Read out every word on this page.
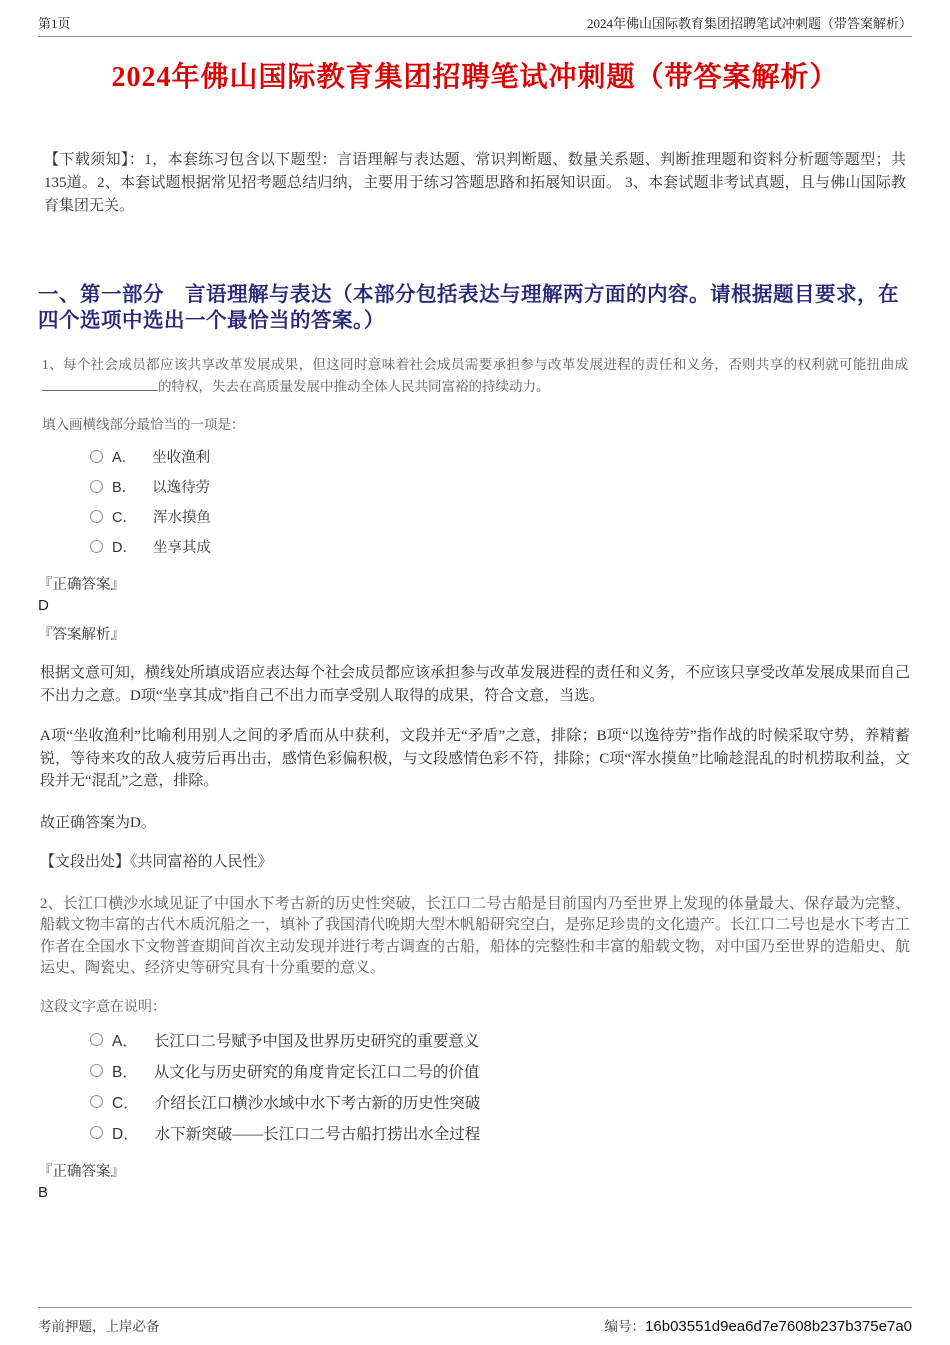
第1页	2024年佛山国际教育集团招聘笔试冲刺题（带答案解析）
2024年佛山国际教育集团招聘笔试冲刺题（带答案解析）

【下载须知】：1，本套练习包含以下题型：言语理解与表达题、常识判断题、数量关系题、判断推理题和资料分析题等题型；共135道。2、本套试题根据常见招考题总结归纳，主要用于练习答题思路和拓展知识面。 3、本套试题非考试真题，且与佛山国际教育集团无关。

一、第一部分　言语理解与表达（本部分包括表达与理解两方面的内容。请根据题目要求，在四个选项中选出一个最恰当的答案。）

1、每个社会成员都应该共享改革发展成果，但这同时意味着社会成员需要承担参与改革发展进程的责任和义务，否则共享的权利就可能扭曲成的特权，失去在高质量发展中推动全体人民共同富裕的持续动力。

填入画横线部分最恰当的一项是：

A． 坐收渔利
B． 以逸待劳
C． 浑水摸鱼
D． 坐享其成

『正确答案』

D

『答案解析』

根据文意可知，横线处所填成语应表达每个社会成员都应该承担参与改革发展进程的责任和义务，不应该只享受改革发展成果而自己不出力之意。D项“坐享其成”指自己不出力而享受别人取得的成果，符合文意，当选。

A项“坐收渔利”比喻利用别人之间的矛盾而从中获利，文段并无“矛盾”之意，排除；B项“以逸待劳”指作战的时候采取守势，养精蓄锐，等待来攻的敌人疲劳后再出击，感情色彩偏积极，与文段感情色彩不符，排除；C项“浑水摸鱼”比喻趁混乱的时机捞取利益，文段并无“混乱”之意，排除。

故正确答案为D。

【文段出处】《共同富裕的人民性》

2、长江口横沙水域见证了中国水下考古新的历史性突破，长江口二号古船是目前国内乃至世界上发现的体量最大、保存最为完整、船载文物丰富的古代木质沉船之一，填补了我国清代晚期大型木帆船研究空白，是弥足珍贵的文化遗产。长江口二号也是水下考古工作者在全国水下文物普查期间首次主动发现并进行考古调查的古船，船体的完整性和丰富的船载文物，对中国乃至世界的造船史、航运史、陶瓷史、经济史等研究具有十分重要的意义。

这段文字意在说明：

A． 长江口二号赋予中国及世界历史研究的重要意义
B． 从文化与历史研究的角度肯定长江口二号的价值
C． 介绍长江口横沙水域中水下考古新的历史性突破
D． 水下新突破——长江口二号古船打捞出水全过程

『正确答案』

B

考前押题，上岸必备	编号：16b03551d9ea6d7e7608b237b375e7a0
